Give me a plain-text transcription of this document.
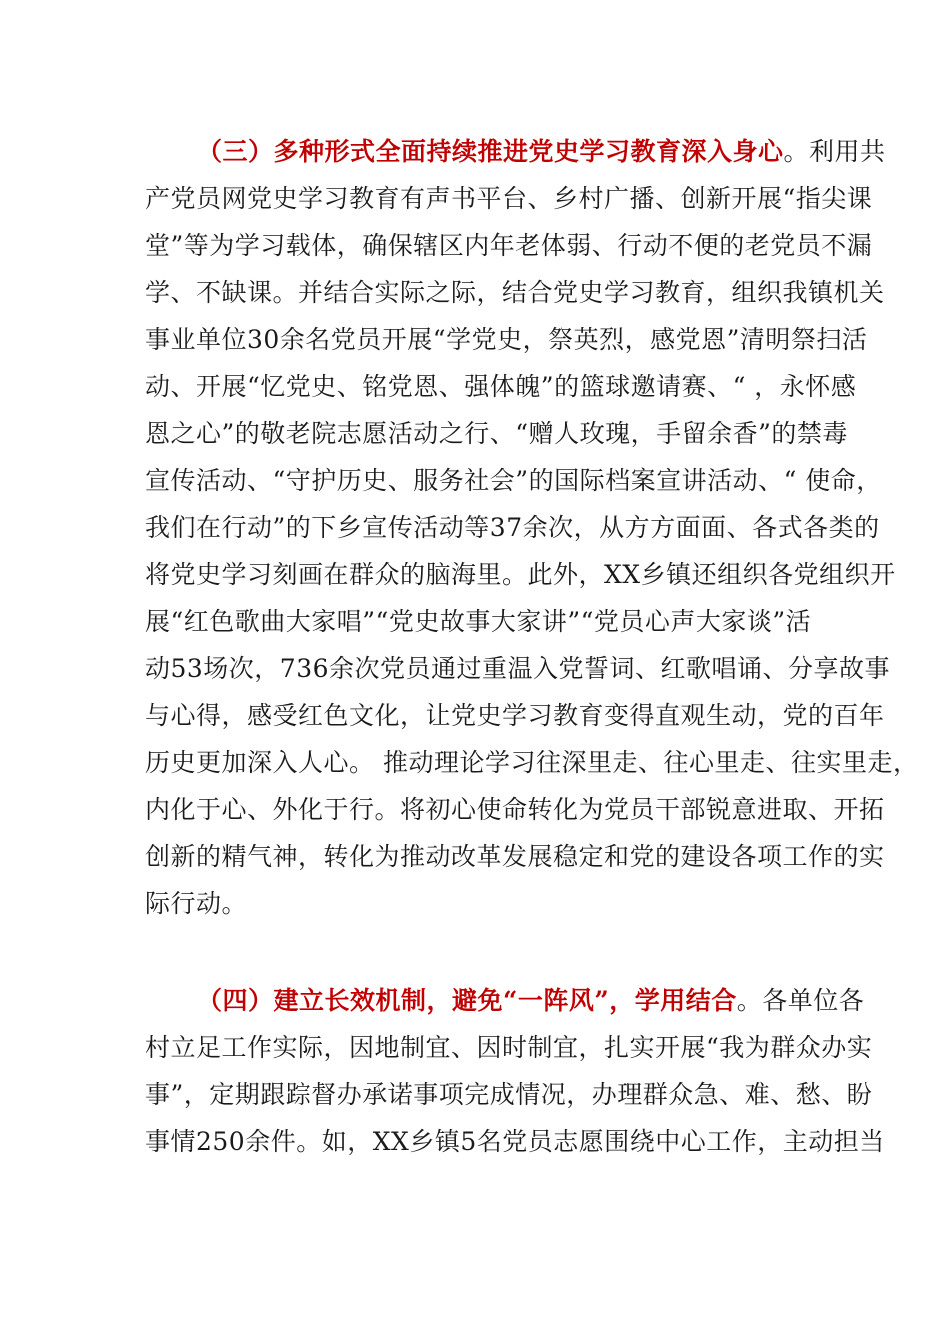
（三）多种形式全面持续推进党史学习教育深入身心。利用共
产党员网党史学习教育有声书平台、乡村广播、创新开展“指尖课
堂”等为学习载体，确保辖区内年老体弱、行动不便的老党员不漏
学、不缺课。并结合实际之际，结合党史学习教育，组织我镇机关
事业单位30余名党员开展“学党史，祭英烈，感党恩”清明祭扫活
动、开展“忆党史、铭党恩、强体魄”的篮球邀请赛、“ ，永怀感
恩之心”的敬老院志愿活动之行、“赠人玫瑰，手留余香”的禁毒
宣传活动、“守护历史、服务社会”的国际档案宣讲活动、“ 使命，
我们在行动”的下乡宣传活动等37余次，从方方面面、各式各类的
将党史学习刻画在群众的脑海里。此外，XX乡镇还组织各党组织开
展“红色歌曲大家唱”“党史故事大家讲”“党员心声大家谈”活
动53场次，736余次党员通过重温入党誓词、红歌唱诵、分享故事
与心得，感受红色文化，让党史学习教育变得直观生动，党的百年
历史更加深入人心。 推动理论学习往深里走、往心里走、往实里走，
内化于心、外化于行。将初心使命转化为党员干部锐意进取、开拓
创新的精气神，转化为推动改革发展稳定和党的建设各项工作的实
际行动。
（四）建立长效机制，避免“一阵风”，学用结合。各单位各
村立足工作实际，因地制宜、因时制宜，扎实开展“我为群众办实
事”，定期跟踪督办承诺事项完成情况，办理群众急、难、愁、盼
事情250余件。如，XX乡镇5名党员志愿围绕中心工作，主动担当
